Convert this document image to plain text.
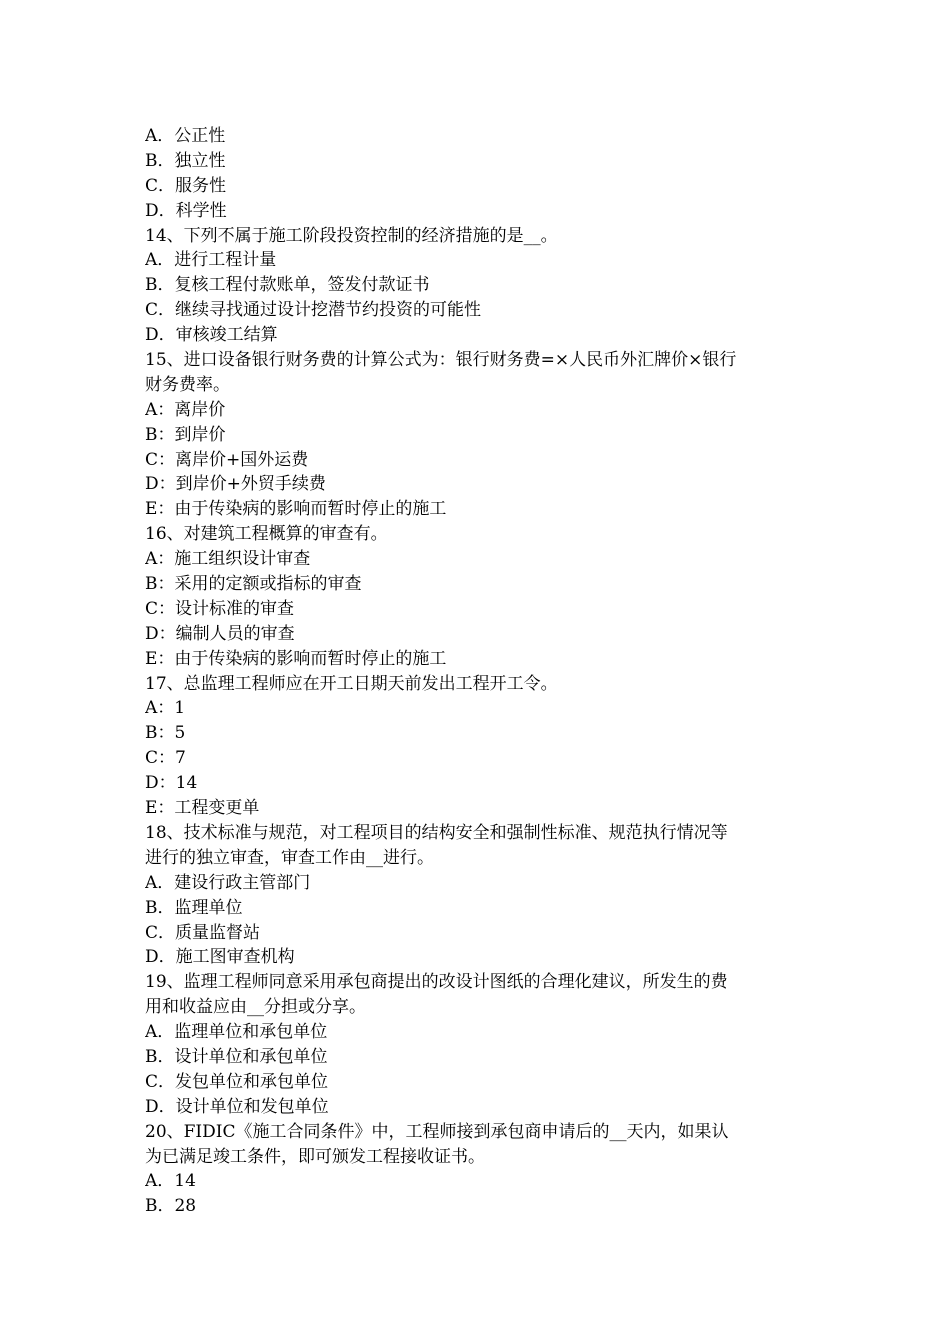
A．公正性
B．独立性
C．服务性
D．科学性
14、下列不属于施工阶段投资控制的经济措施的是__。
A．进行工程计量
B．复核工程付款账单，签发付款证书
C．继续寻找通过设计挖潜节约投资的可能性
D．审核竣工结算
15、进口设备银行财务费的计算公式为：银行财务费=×人民币外汇牌价×银行
财务费率。
A：离岸价
B：到岸价
C：离岸价+国外运费
D：到岸价+外贸手续费
E：由于传染病的影响而暂时停止的施工
16、对建筑工程概算的审查有。
A：施工组织设计审查
B：采用的定额或指标的审查
C：设计标准的审查
D：编制人员的审查
E：由于传染病的影响而暂时停止的施工
17、总监理工程师应在开工日期天前发出工程开工令。
A：1
B：5
C：7
D：14
E：工程变更单
18、技术标准与规范，对工程项目的结构安全和强制性标准、规范执行情况等
进行的独立审查，审查工作由__进行。
A．建设行政主管部门
B．监理单位
C．质量监督站
D．施工图审查机构
19、监理工程师同意采用承包商提出的改设计图纸的合理化建议，所发生的费
用和收益应由__分担或分享。
A．监理单位和承包单位
B．设计单位和承包单位
C．发包单位和承包单位
D．设计单位和发包单位
20、FIDIC《施工合同条件》中，工程师接到承包商申请后的__天内，如果认
为已满足竣工条件，即可颁发工程接收证书。
A．14
B．28
